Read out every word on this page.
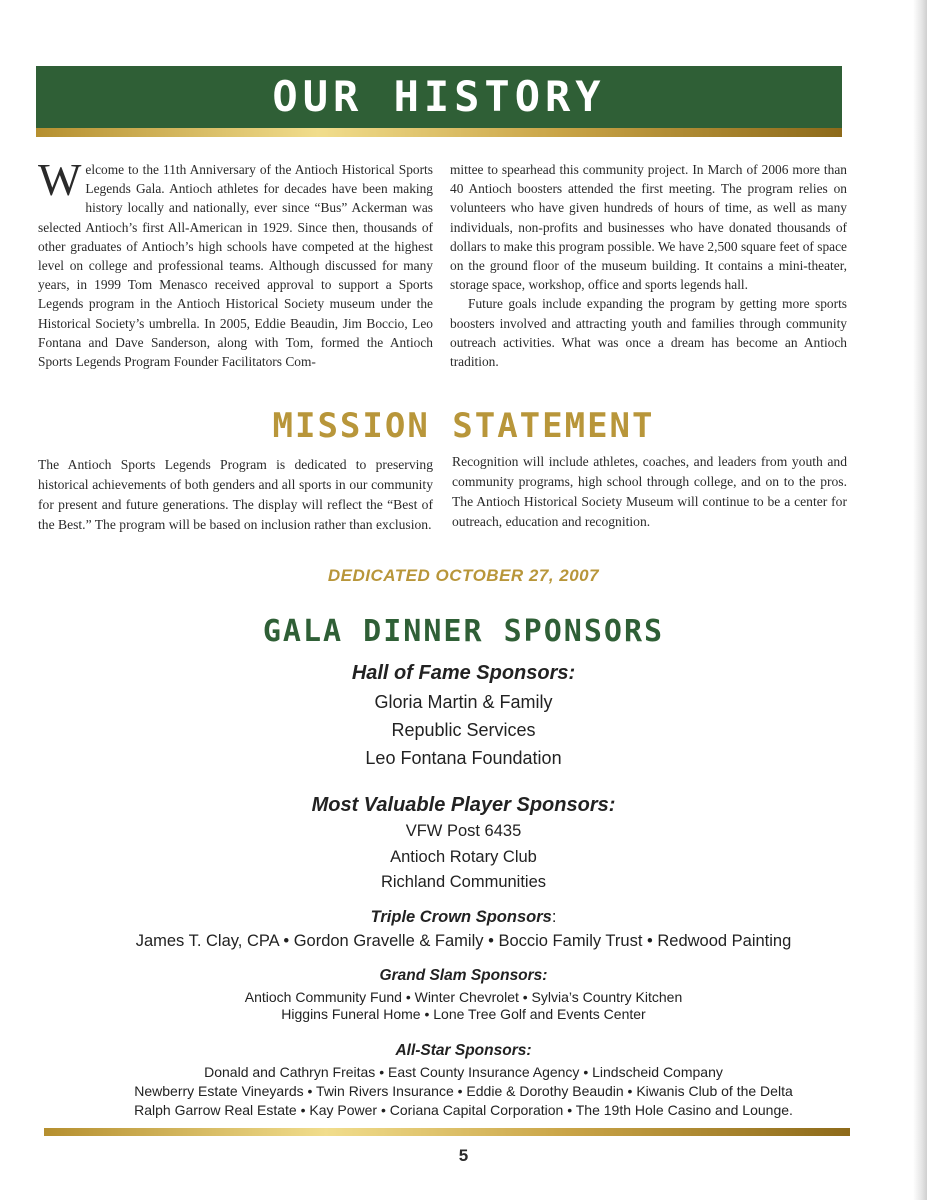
OUR HISTORY

W elcome to the 11th Anniversary of the Antioch Historical Sports Legends Gala. Antioch athletes for decades have been making history locally and nationally, ever since “Bus” Ackerman was selected Antioch’s first All-American in 1929. Since then, thousands of other graduates of Antioch’s high schools have competed at the highest level on college and professional teams. Although discussed for many years, in 1999 Tom Menasco received approval to support a Sports Legends program in the Antioch Historical Society museum under the Historical Society’s umbrella. In 2005, Eddie Beaudin, Jim Boccio, Leo Fontana and Dave Sanderson, along with Tom, formed the Antioch Sports Legends Program Founder Facilitators Com-

mittee to spearhead this community project. In March of 2006 more than 40 Antioch boosters attended the first meeting. The program relies on volunteers who have given hundreds of hours of time, as well as many individuals, non-profits and businesses who have donated thousands of dollars to make this program possible. We have 2,500 square feet of space on the ground floor of the museum building. It contains a mini-theater, storage space, workshop, office and sports legends hall.
Future goals include expanding the program by getting more sports boosters involved and attracting youth and families through community outreach activities. What was once a dream has become an Antioch tradition.
MISSION STATEMENT

The Antioch Sports Legends Program is dedicated to preserving historical achievements of both genders and all sports in our community for present and future generations. The display will reflect the “Best of the Best.” The program will be based on inclusion rather than exclusion.

Recognition will include athletes, coaches, and leaders from youth and community programs, high school through college, and on to the pros. The Antioch Historical Society Museum will continue to be a center for outreach, education and recognition.

DEDICATED OCTOBER 27, 2007
GALA DINNER SPONSORS

Hall of Fame Sponsors:

Gloria Martin & Family

Republic Services

Leo Fontana Foundation

Most Valuable Player Sponsors:

VFW Post 6435

Antioch Rotary Club

Richland Communities

Triple Crown Sponsors:

James T. Clay, CPA • Gordon Gravelle & Family • Boccio Family Trust • Redwood Painting

Grand Slam Sponsors:

Antioch Community Fund • Winter Chevrolet • Sylvia’s Country Kitchen

Higgins Funeral Home • Lone Tree Golf and Events Center

All-Star Sponsors:

Donald and Cathryn Freitas • East County Insurance Agency • Lindscheid Company

Newberry Estate Vineyards • Twin Rivers Insurance • Eddie & Dorothy Beaudin • Kiwanis Club of the Delta

Ralph Garrow Real Estate • Kay Power • Coriana Capital Corporation • The 19th Hole Casino and Lounge.

5
